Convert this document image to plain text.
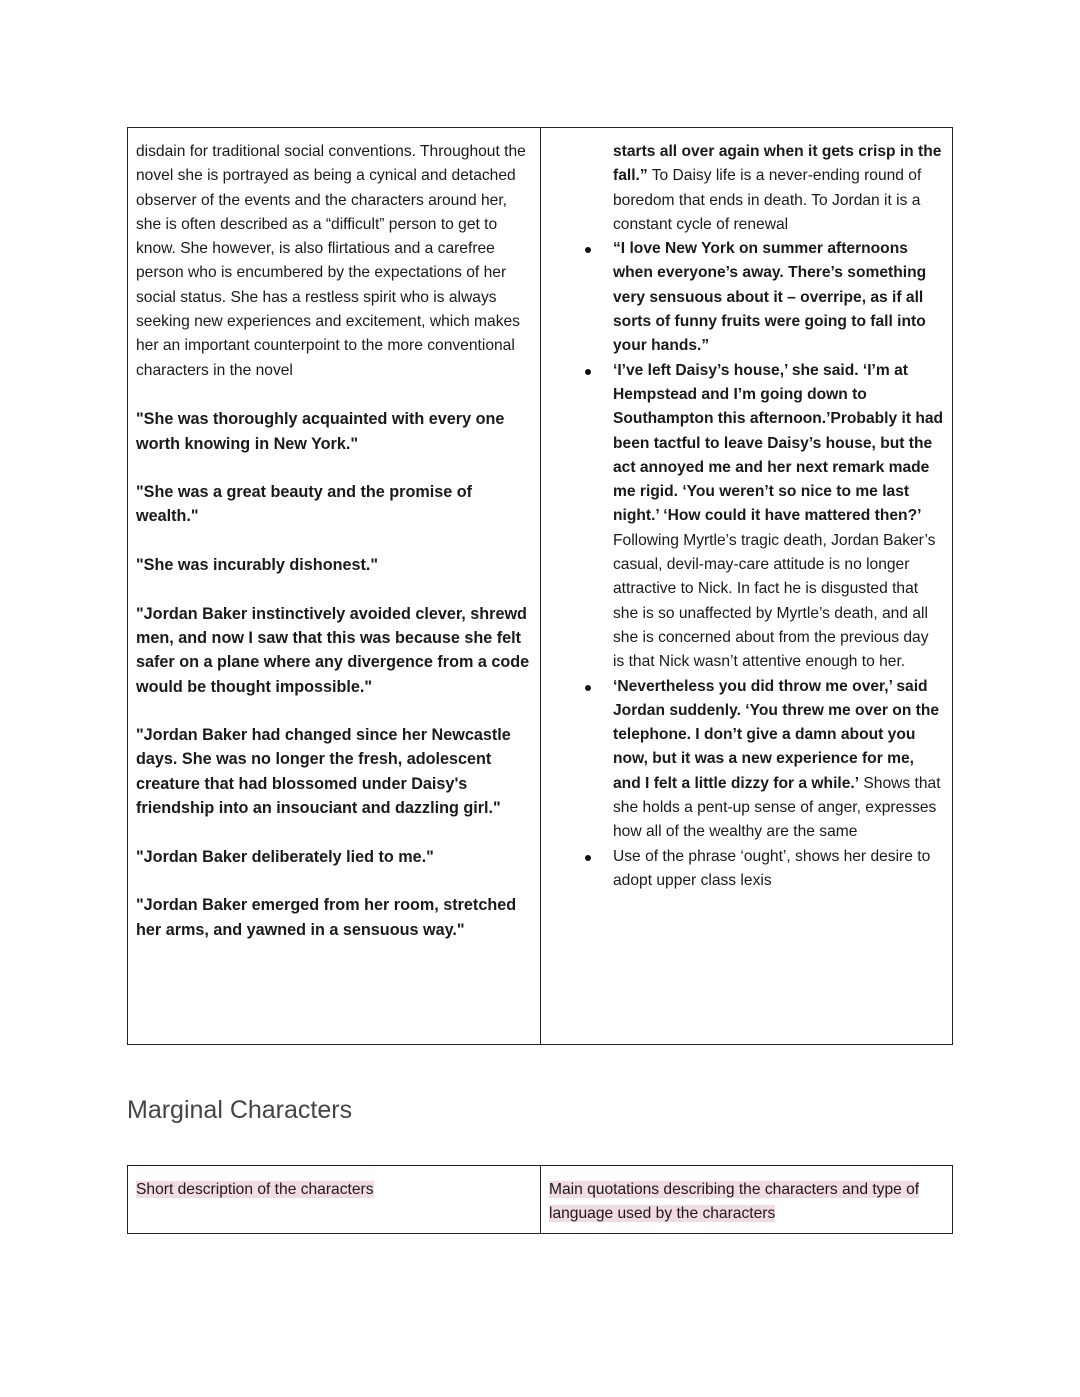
disdain for traditional social conventions. Throughout the novel she is portrayed as being a cynical and detached observer of the events and the characters around her, she is often described as a “difficult” person to get to know. She however, is also flirtatious and a carefree person who is encumbered by the expectations of her social status. She has a restless spirit who is always seeking new experiences and excitement, which makes her an important counterpoint to the more conventional characters in the novel

"She was thoroughly acquainted with every one worth knowing in New York."

"She was a great beauty and the promise of wealth."

"She was incurably dishonest."

"Jordan Baker instinctively avoided clever, shrewd men, and now I saw that this was because she felt safer on a plane where any divergence from a code would be thought impossible."

"Jordan Baker had changed since her Newcastle days. She was no longer the fresh, adolescent creature that had blossomed under Daisy's friendship into an insouciant and dazzling girl."

"Jordan Baker deliberately lied to me."

"Jordan Baker emerged from her room, stretched her arms, and yawned in a sensuous way."

starts all over again when it gets crisp in the fall.” To Daisy life is a never-ending round of boredom that ends in death. To Jordan it is a constant cycle of renewal
“I love New York on summer afternoons when everyone’s away. There’s something very sensuous about it – overripe, as if all sorts of funny fruits were going to fall into your hands.”
‘I’ve left Daisy’s house,’ she said. ‘I’m at Hempstead and I’m going down to Southampton this afternoon.’Probably it had been tactful to leave Daisy’s house, but the act annoyed me and her next remark made me rigid. ‘You weren’t so nice to me last night.’ ‘How could it have mattered then?’ Following Myrtle’s tragic death, Jordan Baker’s casual, devil-may-care attitude is no longer attractive to Nick. In fact he is disgusted that she is so unaffected by Myrtle’s death, and all she is concerned about from the previous day is that Nick wasn’t attentive enough to her.
‘Nevertheless you did throw me over,’ said Jordan suddenly. ‘You threw me over on the telephone. I don’t give a damn about you now, but it was a new experience for me, and I felt a little dizzy for a while.’ Shows that she holds a pent-up sense of anger, expresses how all of the wealthy are the same
Use of the phrase ‘ought’, shows her desire to adopt upper class lexis
Marginal Characters
Short description of the characters	Main quotations describing the characters and type of
language used by the characters
